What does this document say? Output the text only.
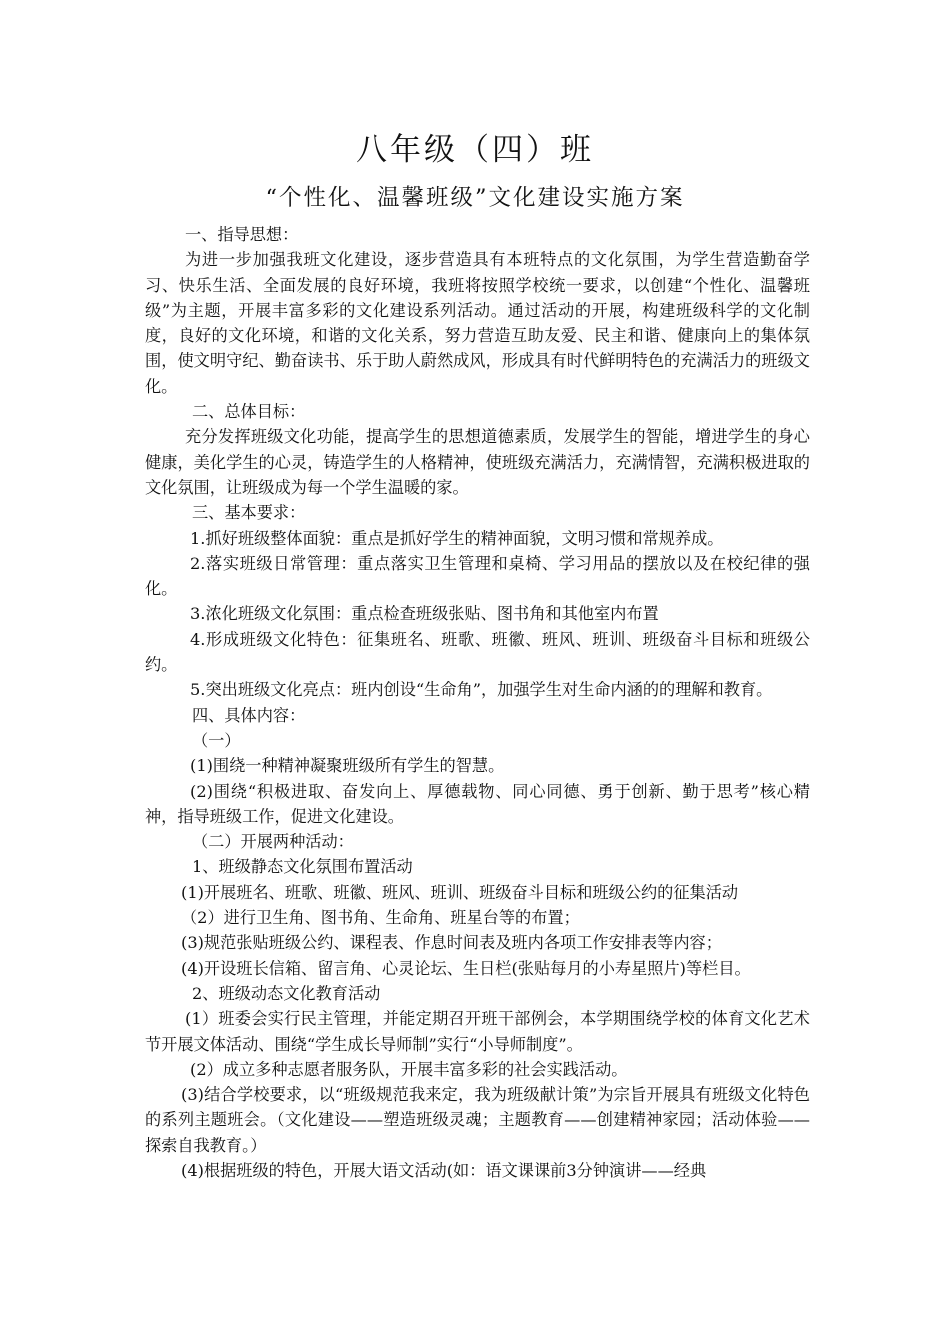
八年级（四）班
“个性化、温馨班级”文化建设实施方案

一、指导思想：

为进一步加强我班文化建设，逐步营造具有本班特点的文化氛围，为学生营造勤奋学习、快乐生活、全面发展的良好环境，我班将按照学校统一要求，以创建“个性化、温馨班级”为主题，开展丰富多彩的文化建设系列活动。通过活动的开展，构建班级科学的文化制度，良好的文化环境，和谐的文化关系，努力营造互助友爱、民主和谐、健康向上的集体氛围，使文明守纪、勤奋读书、乐于助人蔚然成风，形成具有时代鲜明特色的充满活力的班级文化。

二、总体目标：

充分发挥班级文化功能，提高学生的思想道德素质，发展学生的智能，增进学生的身心健康，美化学生的心灵，铸造学生的人格精神，使班级充满活力，充满情智，充满积极进取的文化氛围，让班级成为每一个学生温暖的家。

三、基本要求：

1.抓好班级整体面貌：重点是抓好学生的精神面貌，文明习惯和常规养成。

2.落实班级日常管理：重点落实卫生管理和桌椅、学习用品的摆放以及在校纪律的强化。

3.浓化班级文化氛围：重点检查班级张贴、图书角和其他室内布置

4.形成班级文化特色：征集班名、班歌、班徽、班风、班训、班级奋斗目标和班级公约。

5.突出班级文化亮点：班内创设“生命角”，加强学生对生命内涵的的理解和教育。

四、具体内容：

（一）

(1)围绕一种精神凝聚班级所有学生的智慧。

(2)围绕“积极进取、奋发向上、厚德载物、同心同德、勇于创新、勤于思考”核心精神，指导班级工作，促进文化建设。

（二）开展两种活动：

1、班级静态文化氛围布置活动

(1)开展班名、班歌、班徽、班风、班训、班级奋斗目标和班级公约的征集活动

（2）进行卫生角、图书角、生命角、班星台等的布置；

(3)规范张贴班级公约、课程表、作息时间表及班内各项工作安排表等内容；

(4)开设班长信箱、留言角、心灵论坛、生日栏(张贴每月的小寿星照片)等栏目。

2、班级动态文化教育活动

(1）班委会实行民主管理，并能定期召开班干部例会，本学期围绕学校的体育文化艺术节开展文体活动、围绕“学生成长导师制”实行“小导师制度”。

(2）成立多种志愿者服务队，开展丰富多彩的社会实践活动。

(3)结合学校要求，以“班级规范我来定，我为班级献计策”为宗旨开展具有班级文化特色的系列主题班会。（文化建设——塑造班级灵魂；主题教育——创建精神家园；活动体验——探索自我教育。）

(4)根据班级的特色，开展大语文活动(如：语文课课前3分钟演讲——经典
